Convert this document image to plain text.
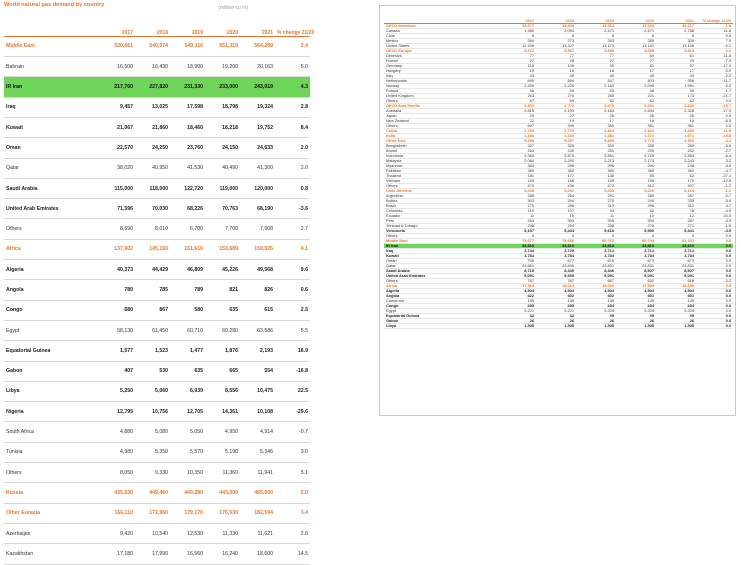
World natural gas demand by country	(million cu m)
	2017	2018	2019	2020	2021	% change 21/20
Middle East	520,661	540,574	549,116	551,319	564,289	2.4
Bahrain	16,500	16,430	18,900	19,200	20,163	5.0
IR Iran	217,760	227,820	231,330	233,000	243,019	4.3
Iraq	9,457	13,025	17,598	18,798	19,324	2.8
Kuwait	21,067	21,860	18,460	18,218	19,752	8.4
Oman	22,570	24,250	23,760	24,150	24,633	2.0
Qatar	38,020	40,950	41,530	40,490	41,300	2.0
Saudi Arabia	115,000	118,000	122,720	119,000	120,000	0.8
United Arab Emirates	71,596	70,030	68,226	70,763	68,190	-3.6
Others	8,690	8,010	6,700	7,700	7,908	2.7
Africa	137,902	145,160	151,616	153,689	159,926	4.1
Algeria	40,373	44,429	46,809	45,226	49,568	9.6
Angola	780	785	789	821	826	0.6
Congo	680	867	580	635	615	2.5
Egypt	58,130	61,450	60,710	60,280	63,586	5.5
Equatorial Guinea	1,577	1,523	1,477	1,876	2,193	16.9
Gabon	407	530	635	665	554	-16.8
Libya	5,250	5,060	6,939	8,556	10,475	22.5
Nigeria	12,795	10,756	12,705	14,361	10,108	-29.6
South Africa	4,880	5,080	5,050	4,950	4,914	-0.7
Tunisia	4,980	5,350	5,570	5,190	5,346	3.0
Others	8,050	9,330	10,350	11,360	11,941	5.1
Russia	435,530	449,460	449,280	443,000	465,000	5.0
Other Eurasia	166,110	172,960	179,170	176,530	182,594	3.4
Azerbaijan	9,420	10,540	12,530	11,330	11,621	2.6
Kazakhstan	17,180	17,990	16,560	16,240	18,600	14.5
	2017	2018	2019	2020	2021	% change 21/20
OECD Americas	14,677	15,848	15,913	15,923	16,217	1.8
Canada	1,980	2,094	2,471	2,471	2,758	11.6
Chile	6	6	6	6	6	0.0
Mexico	284	273	263	285	305	7.0
United States	12,408	13,427	13,173	13,161	13,148	-0.1
OECD Europe	5,972	5,967	5,858	5,689	5,813	2.2
Denmark	77	77	77	69	61	-11.6
France	27	28	27	27	29	7.4
Germany	115	106	95	81	67	-17.3
Hungary	19	19	18	17	17	0.0
Italy	43	48	40	45	44	-2.2
Netherlands	699	594	547	403	356	-11.7
Norway	2,326	2,226	2,163	2,095	1,991	-5.0
Poland	56	50	53	58	59	1.7
United Kingdom	263	276	285	221	173	-21.7
Others	67	69	62	62	62	0.0
OECD Asia Pacific	2,963	2,772	2,675	3,530	2,836	-19.7
Australia	2,815	2,193	2,184	2,834	2,328	-17.9
Japan	29	27	26	26	26	0.0
New Zealand	22	19	17	16	15	-6.3
Others	697	499	350	361	361	0.0
China	2,784	2,779	2,824	2,922	3,269	11.9
India	1,286	1,340	1,381	1,272	1,071	-15.8
Other Asia	5,288	5,297	5,830	4,778	4,566	-4.4
Bangladesh	327	325	309	285	269	-5.6
Brunei	264	249	250	259	252	-2.7
Indonesia	2,963	2,875	2,861	2,728	2,553	-6.4
Malaysia	2,064	2,290	2,213	2,174	2,243	3.2
Myanmar	363	256	298	260	248	-4.6
Pakistan	380	382	390	380	362	-4.7
Thailand	181	177	138	85	62	-27.1
Vietnam	195	196	199	195	170	-12.8
Others	470	436	472	412	407	-1.2
Latin America	5,028	5,292	5,403	5,226	5,164	-1.2
Argentina	285	264	291	289	287	-0.7
Bolivia	303	294	275	249	235	-5.6
Brazil	275	286	313	298	312	4.7
Colombia	110	107	93	82	78	-4.9
Ecuador	11	10	11	10	12	20.0
Peru	263	305	305	300	287	-4.3
Trinidad & Tobago	298	294	298	276	271	-1.8
Venezuela	5,197	5,434	5,616	5,590	5,341	-4.5
Others	4	4	4	4	4	0.0
Middle East	79,677	78,680	80,762	80,794	81,201	0.5
IR Iran	33,810	33,810	33,810	33,810	33,810	0.0
Iraq	3,744	3,729	3,714	3,714	3,714	0.0
Kuwait	1,784	1,784	1,784	1,784	1,784	0.0
Oman	700	677	676	673	673	0.0
Qatar	23,861	23,846	23,831	23,831	23,831	0.0
Saudi Arabia	8,715	8,340	8,346	8,507	8,507	0.0
United Arab Emirates	6,091	5,939	6,091	6,091	6,091	0.0
Others	767	767	667	632	618	-2.2
Africa	17,964	18,013	18,066	17,999	18,698	3.9
Algeria	4,504	4,504	4,504	4,504	4,504	0.0
Angola	422	302	302	301	301	0.0
Cameroon	135	135	135	135	135	0.0
Congo	285	285	284	284	284	0.0
Egypt	2,221	2,221	2,209	2,209	2,209	0.0
Equatorial Guinea	42	42	39	39	39	0.0
Gabon	26	26	26	26	26	0.0
Libya	1,505	1,505	1,505	1,505	1,505	0.0
